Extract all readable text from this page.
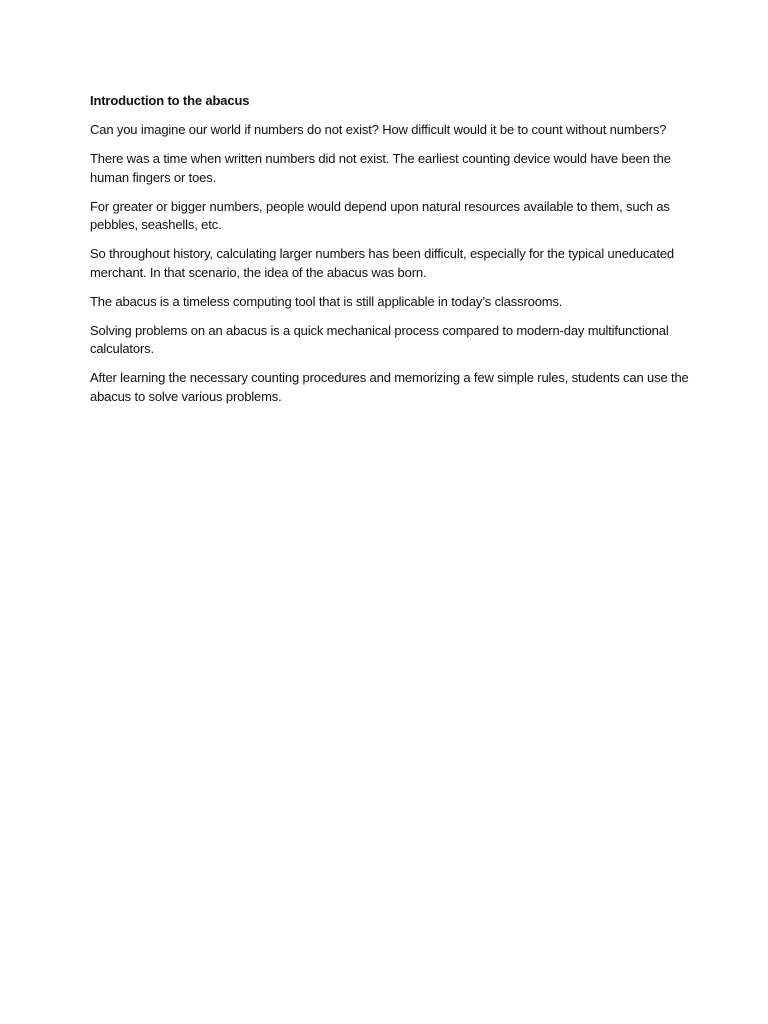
Introduction to the abacus

Can you imagine our world if numbers do not exist? How difficult would it be to count without numbers?

There was a time when written numbers did not exist. The earliest counting device would have been the human fingers or toes.

For greater or bigger numbers, people would depend upon natural resources available to them, such as pebbles, seashells, etc.

So throughout history, calculating larger numbers has been difficult, especially for the typical uneducated merchant. In that scenario, the idea of the abacus was born.

The abacus is a timeless computing tool that is still applicable in today’s classrooms.

Solving problems on an abacus is a quick mechanical process compared to modern-day multifunctional calculators.

After learning the necessary counting procedures and memorizing a few simple rules, students can use the abacus to solve various problems.
